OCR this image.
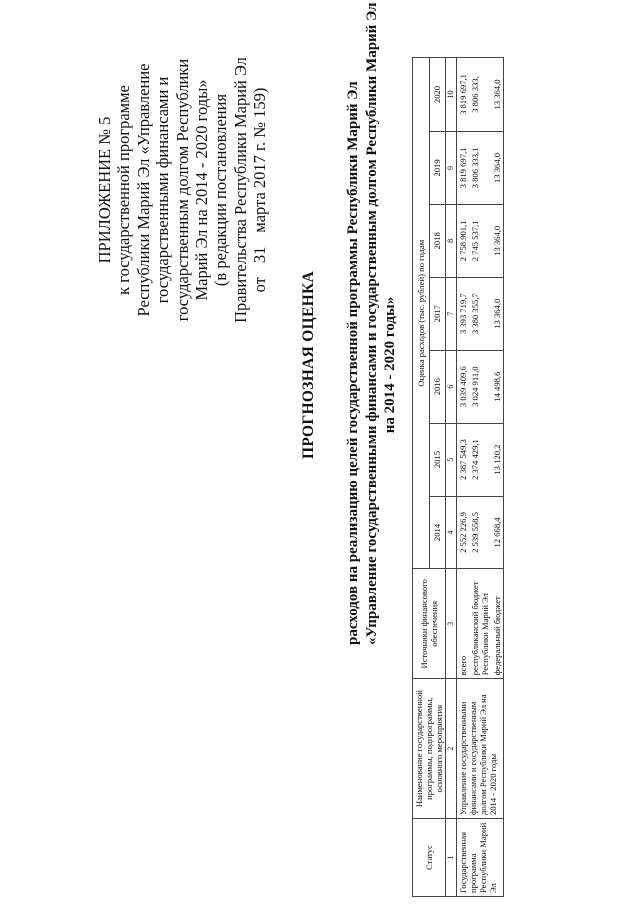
ПРИЛОЖЕНИЕ № 5 к государственной программе Республики Марий Эл «Управление государственными финансами и государственным долгом Республики Марий Эл на 2014 - 2020 годы» (в редакции постановления Правительства Республики Марий Эл от31марта 2017 г. № 159)
ПРОГНОЗНАЯ ОЦЕНКА расходов на реализацию целей государственной программы Республики Марий Эл «Управление государственными финансами и государственным долгом Республики Марий Эл на 2014 - 2020 годы»
Статус	Наименование государственной программы, подпрограммы, основного мероприятия	Источники финансового обеспечения	Оценка расходов (тыс. рублей) по годам						
			2014	2015	2016	2017	2018	2019	2020
1	2	3	4	5	6	7	8	9	10
Государственная программа Республики Марий Эл	Управление государственными финансами и государственным долгом Республики Марий Эл на 2014 - 2020 годы	всего	2 552 226,9	2 387 549,3	3 039 409,6	3 393 719,7	2 758 901,1	3 819 697,1	3 819 697,1
		республиканский бюджет Республики Марий Эл	2 539 558,5	2 374 429,1	3 024 911,0	3 380 355,7	2 745 537,1	3 806 333,1	3 806 333,
		федеральный бюджет	12 668,4	13 120,2	14 498,6	13 364,0	13 364,0	13 364,0	13 364,0
